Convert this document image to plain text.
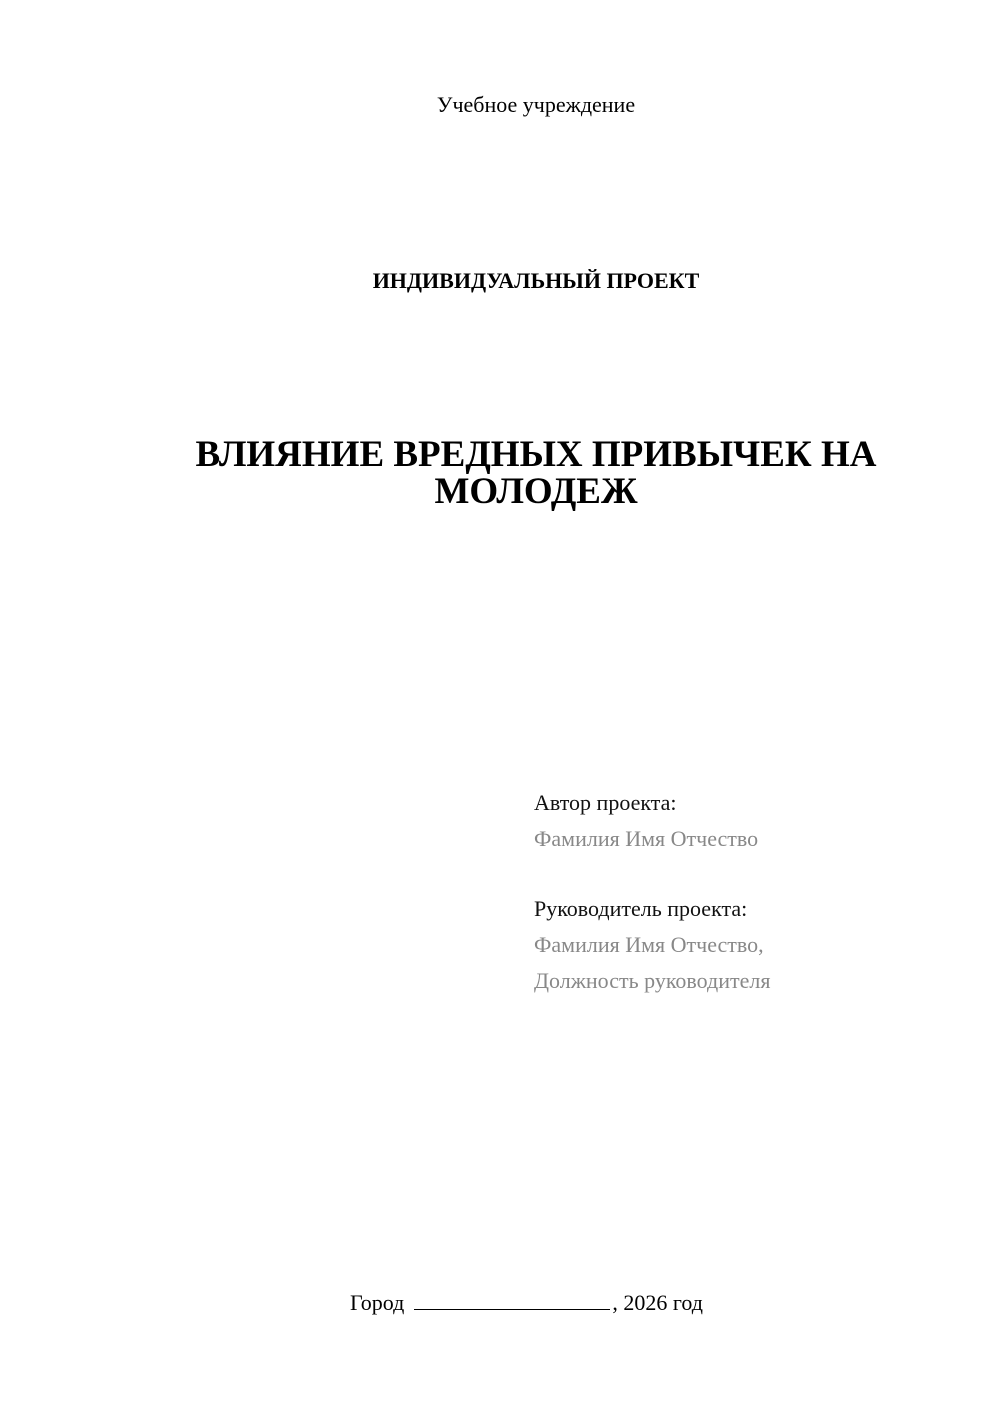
Учебное учреждение
ИНДИВИДУАЛЬНЫЙ ПРОЕКТ
ВЛИЯНИЕ ВРЕДНЫХ ПРИВЫЧЕК НА
МОЛОДЕЖ
Автор проекта:
Фамилия Имя Отчество
Руководитель проекта:
Фамилия Имя Отчество,
Должность руководителя
Город	, 2026 год
